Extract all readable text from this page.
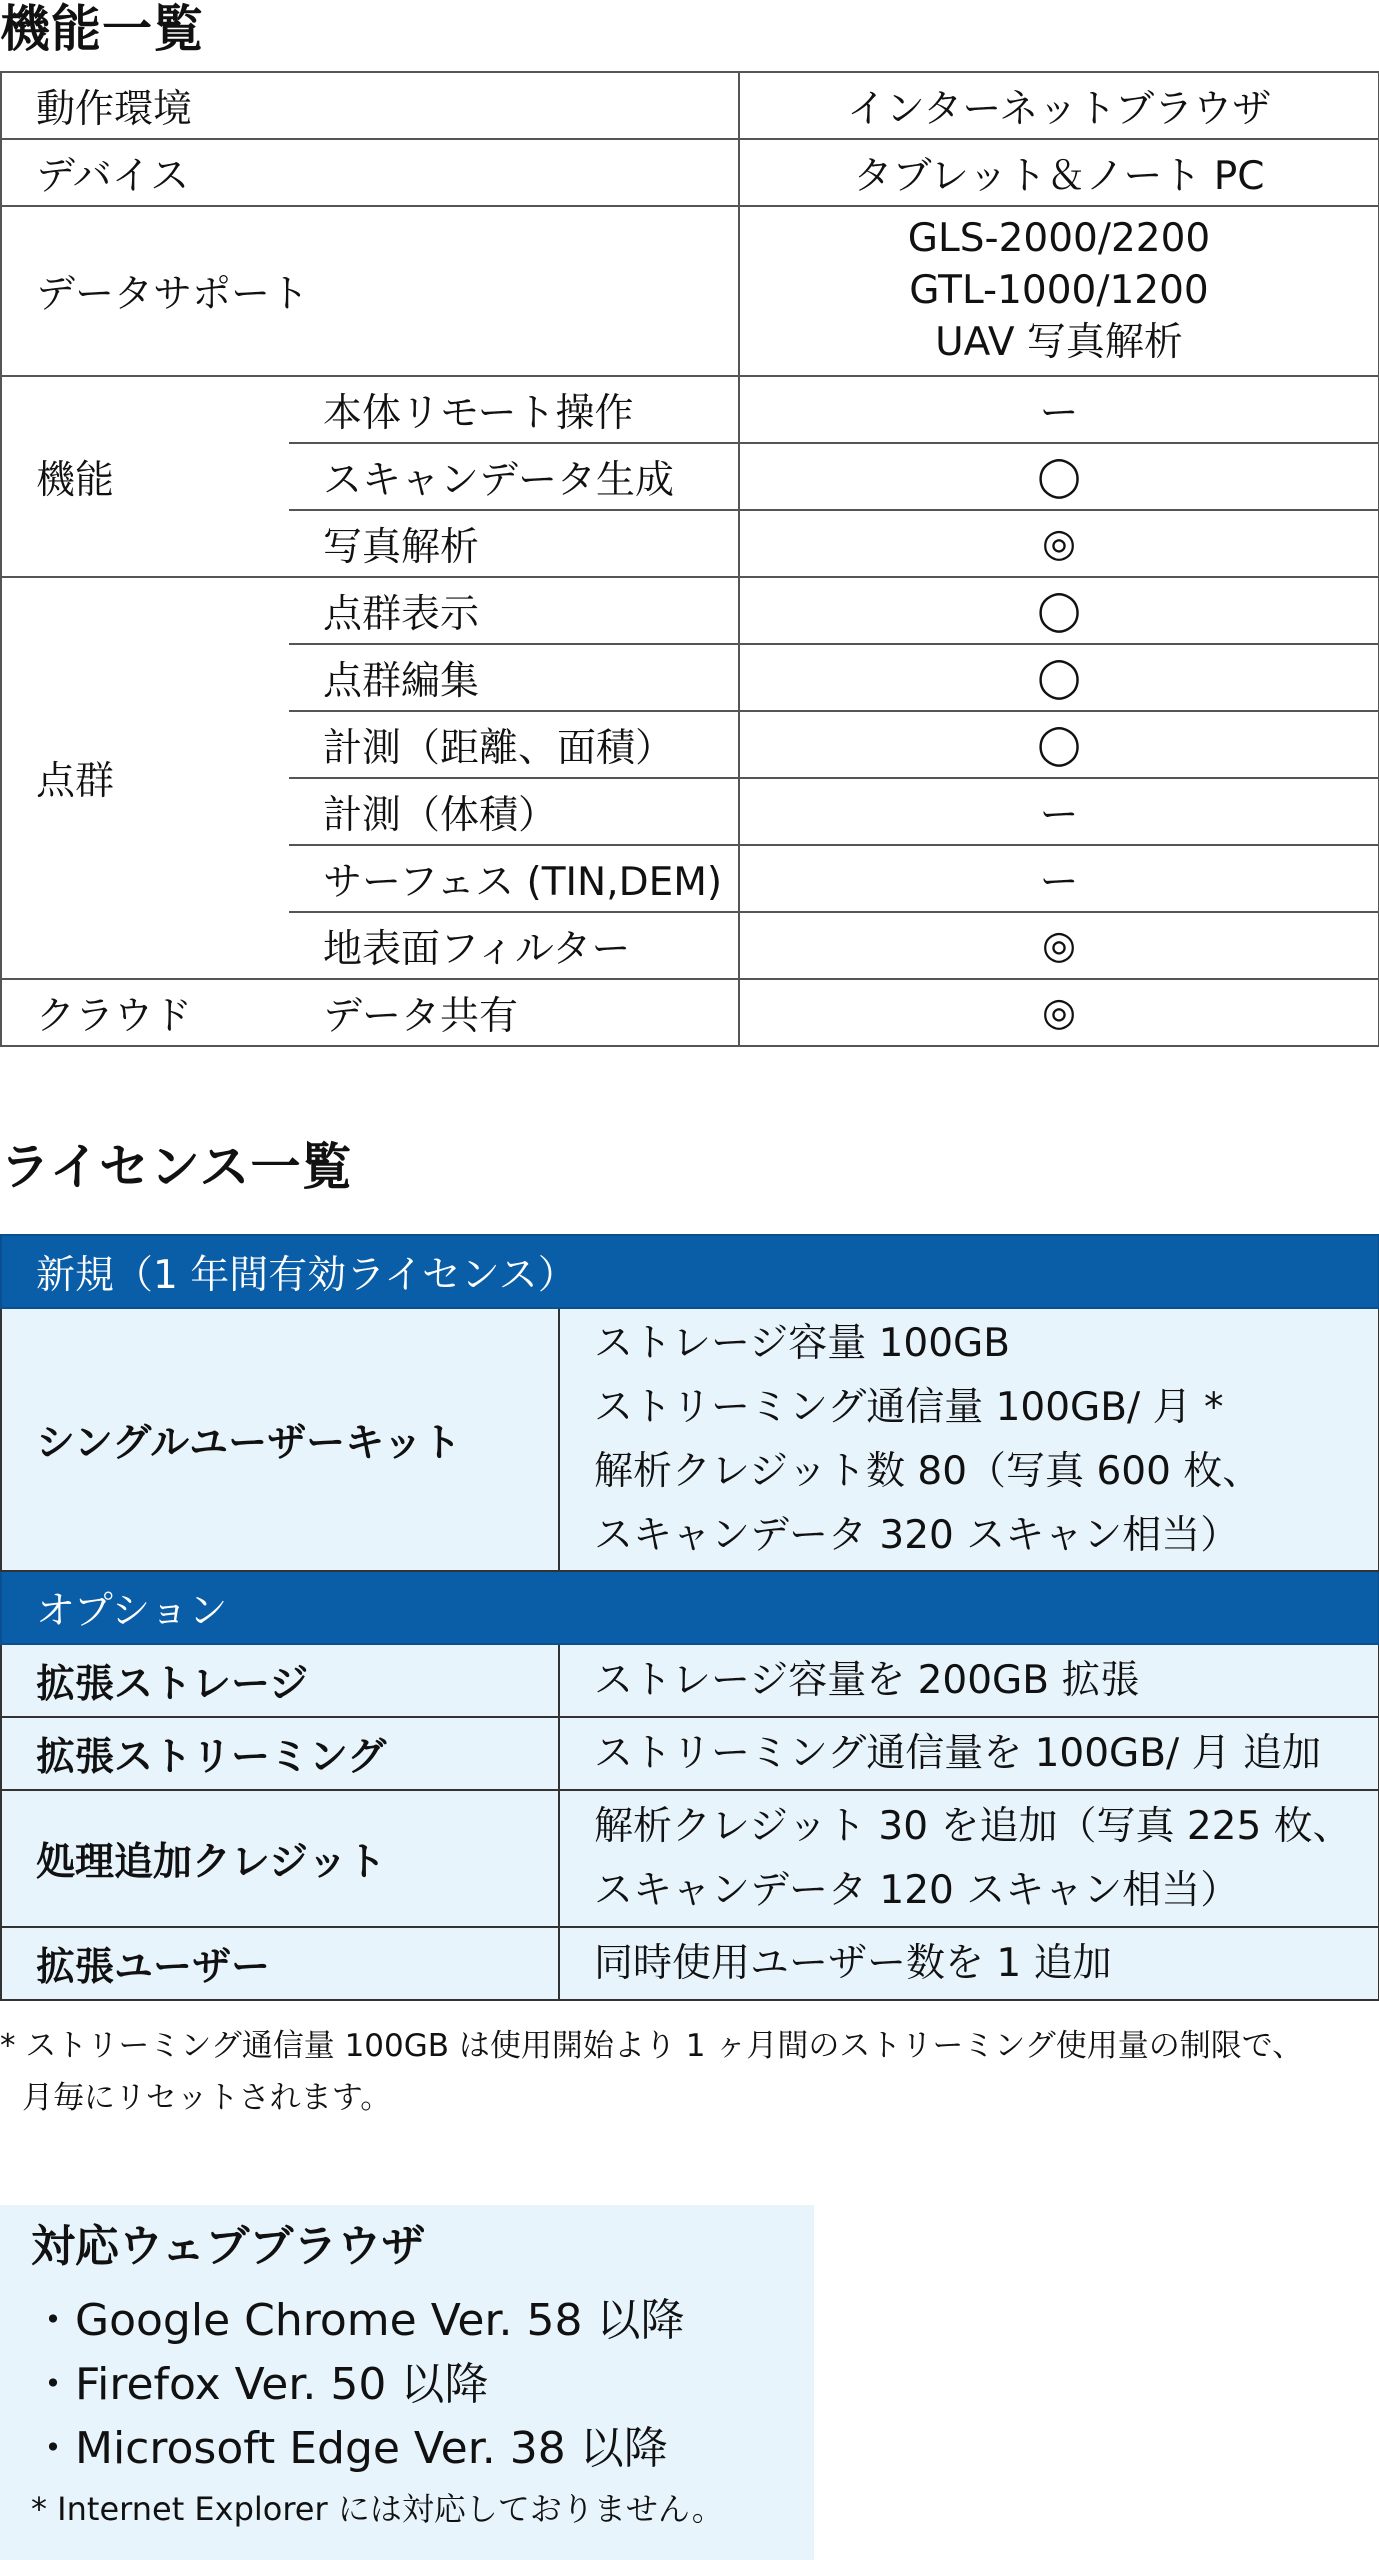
機能一覧
動作環境		インターネットブラウザ
デバイス		タブレット＆ノート PC
データサポート		GLS-2000/2200
GTL-1000/1200
UAV 写真解析

機能	本体リモート操作	ー
	スキャンデータ生成	◯
	写真解析	◎
点群	点群表示	◯
	点群編集	◯
	計測（距離、面積）	◯
	計測（体積）	ー
	サーフェス (TIN,DEM)	ー
	地表面フィルター	◎
クラウド	データ共有	◎
ライセンス一覧
新規（1 年間有効ライセンス）	
シングルユーザーキット	ストレージ容量 100GB
ストリーミング通信量 100GB/ 月 *
解析クレジット数 80（写真 600 枚、
スキャンデータ 320 スキャン相当）

オプション	
拡張ストレージ	ストレージ容量を 200GB 拡張

拡張ストリーミング	ストリーミング通信量を 100GB/ 月 追加

処理追加クレジット	解析クレジット 30 を追加（写真 225 枚、
スキャンデータ 120 スキャン相当）

拡張ユーザー	同時使用ユーザー数を 1 追加
* ストリーミング通信量 100GB は使用開始より 1 ヶ月間のストリーミング使用量の制限で、
月毎にリセットされます。
対応ウェブブラウザ
・Google Chrome Ver. 58 以降
・Firefox Ver. 50 以降
・Microsoft Edge Ver. 38 以降
* Internet Explorer には対応しておりません。
